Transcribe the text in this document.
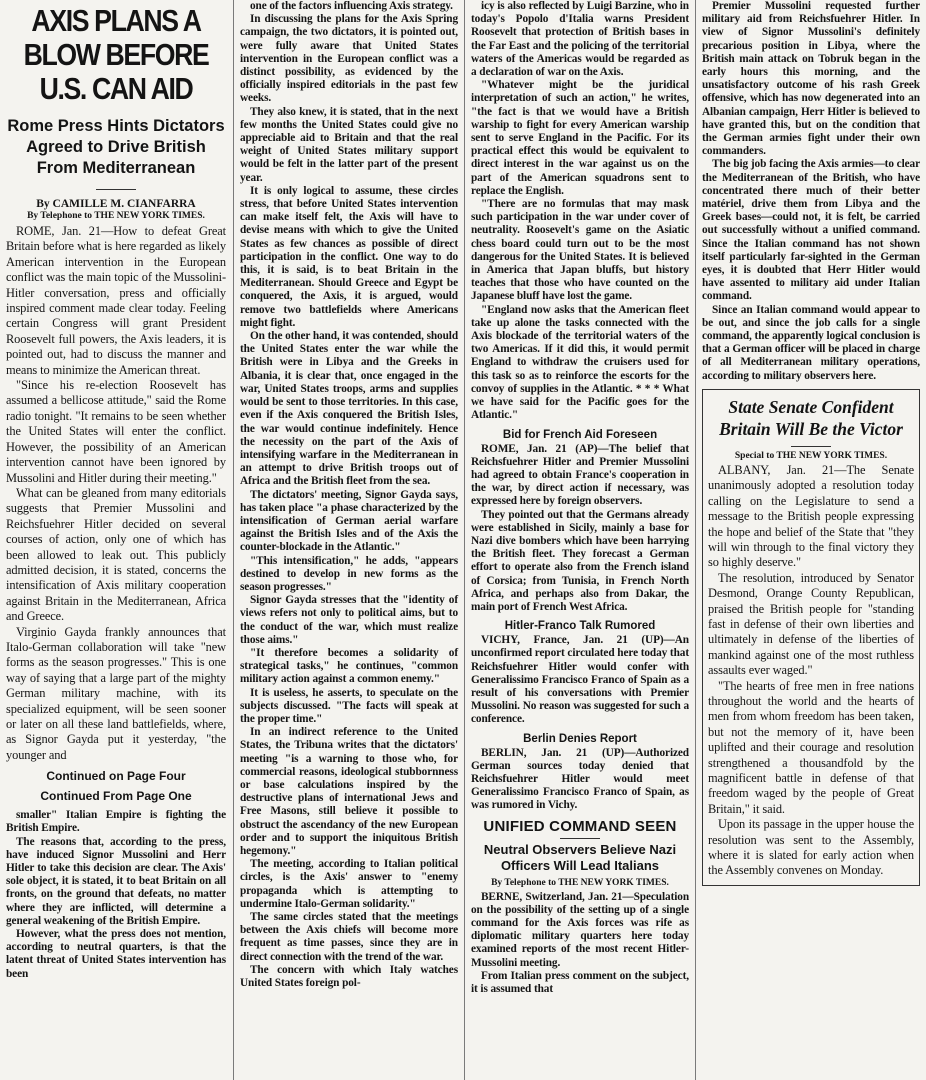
AXIS PLANS A BLOW BEFORE U.S. CAN AID
Rome Press Hints Dictators Agreed to Drive British From Mediterranean
By CAMILLE M. CIANFARRA
By Telephone to THE NEW YORK TIMES.

ROME, Jan. 21—How to defeat Great Britain before what is here regarded as likely American intervention in the European conflict was the main topic of the Mussolini-Hitler conversation, press and officially inspired comment made clear today. Feeling certain Congress will grant President Roosevelt full powers, the Axis leaders, it is pointed out, had to discuss the manner and means to minimize the American threat.

"Since his re-election Roosevelt has assumed a bellicose attitude," said the Rome radio tonight. "It remains to be seen whether the United States will enter the conflict. However, the possibility of an American intervention cannot have been ignored by Mussolini and Hitler during their meeting."

What can be gleaned from many editorials suggests that Premier Mussolini and Reichsfuehrer Hitler decided on several courses of action, only one of which has been allowed to leak out. This publicly admitted decision, it is stated, concerns the intensification of Axis military cooperation against Britain in the Mediterranean, Africa and Greece.

Virginio Gayda frankly announces that Italo-German collaboration will take "new forms as the season progresses." This is one way of saying that a large part of the mighty German military machine, with its specialized equipment, will be seen sooner or later on all these land battlefields, where, as Signor Gayda put it yesterday, "the younger and

Continued on Page Four
Continued From Page One

smaller" Italian Empire is fighting the British Empire.

The reasons that, according to the press, have induced Signor Mussolini and Herr Hitler to take this decision are clear. The Axis' sole object, it is stated, it to beat Britain on all fronts, on the ground that defeats, no matter where they are inflicted, will determine a general weakening of the British Empire.

However, what the press does not mention, according to neutral quarters, is that the latent threat of United States intervention has been

one of the factors influencing Axis strategy.

In discussing the plans for the Axis Spring campaign, the two dictators, it is pointed out, were fully aware that United States intervention in the European conflict was a distinct possibility, as evidenced by the officially inspired editorials in the past few weeks.

They also knew, it is stated, that in the next few months the United States could give no appreciable aid to Britain and that the real weight of United States military support would be felt in the latter part of the present year.

It is only logical to assume, these circles stress, that before United States intervention can make itself felt, the Axis will have to devise means with which to give the United States as few chances as possible of direct participation in the conflict. One way to do this, it is said, is to beat Britain in the Mediterranean. Should Greece and Egypt be conquered, the Axis, it is argued, would remove two battlefields where Americans might fight.

On the other hand, it was contended, should the United States enter the war while the British were in Libya and the Greeks in Albania, it is clear that, once engaged in the war, United States troops, arms and supplies would be sent to those territories. In this case, even if the Axis conquered the British Isles, the war would continue indefinitely. Hence the necessity on the part of the Axis of intensifying warfare in the Mediterranean in an attempt to drive British troops out of Africa and the British fleet from the sea.

The dictators' meeting, Signor Gayda says, has taken place "a phase characterized by the intensification of German aerial warfare against the British Isles and of the Axis the counter-blockade in the Atlantic."

"This intensification," he adds, "appears destined to develop in new forms as the season progresses."

Signor Gayda stresses that the "identity of views refers not only to political aims, but to the conduct of the war, which must realize those aims."

"It therefore becomes a solidarity of strategical tasks," he continues, "common military action against a common enemy."

It is useless, he asserts, to speculate on the subjects discussed. "The facts will speak at the proper time."

In an indirect reference to the United States, the Tribuna writes that the dictators' meeting "is a warning to those who, for commercial reasons, ideological stubbornness or base calculations inspired by the destructive plans of international Jews and Free Masons, still believe it possible to obstruct the ascendancy of the new European order and to support the iniquitous British hegemony."

The meeting, according to Italian political circles, is the Axis' answer to "enemy propaganda which is attempting to undermine Italo-German solidarity."

The same circles stated that the meetings between the Axis chiefs will become more frequent as time passes, since they are in direct connection with the trend of the war.

The concern with which Italy watches United States foreign pol-

icy is also reflected by Luigi Barzine, who in today's Popolo d'Italia warns President Roosevelt that protection of British bases in the Far East and the policing of the territorial waters of the Americas would be regarded as a declaration of war on the Axis.

"Whatever might be the juridical interpretation of such an action," he writes, "the fact is that we would have a British warship to fight for every American warship sent to serve England in the Pacific. For its practical effect this would be equivalent to direct interest in the war against us on the part of the American squadrons sent to replace the English.

"There are no formulas that may mask such participation in the war under cover of neutrality. Roosevelt's game on the Asiatic chess board could turn out to be the most dangerous for the United States. It is believed in America that Japan bluffs, but history teaches that those who have counted on the Japanese bluff have lost the game.

"England now asks that the American fleet take up alone the tasks connected with the Axis blockade of the territorial waters of the two Americas. If it did this, it would permit England to withdraw the cruisers used for this task so as to reinforce the escorts for the convoy of supplies in the Atlantic. * * * What we have said for the Pacific goes for the Atlantic."

Bid for French Aid Foreseen

ROME, Jan. 21 (AP)—The belief that Reichsfuehrer Hitler and Premier Mussolini had agreed to obtain France's cooperation in the war, by direct action if necessary, was expressed here by foreign observers.

They pointed out that the Germans already were established in Sicily, mainly a base for Nazi dive bombers which have been harrying the British fleet. They forecast a German effort to operate also from the French island of Corsica; from Tunisia, in French North Africa, and perhaps also from Dakar, the main port of French West Africa.

Hitler-Franco Talk Rumored

VICHY, France, Jan. 21 (UP)—An unconfirmed report circulated here today that Reichsfuehrer Hitler would confer with Generalissimo Francisco Franco of Spain as a result of his conversations with Premier Mussolini. No reason was suggested for such a conference.

Berlin Denies Report

BERLIN, Jan. 21 (UP)—Authorized German sources today denied that Reichsfuehrer Hitler would meet Generalissimo Francisco Franco of Spain, as was rumored in Vichy.

UNIFIED COMMAND SEEN
Neutral Observers Believe Nazi Officers Will Lead Italians
By Telephone to THE NEW YORK TIMES.

BERNE, Switzerland, Jan. 21—Speculation on the possibility of the setting up of a single command for the Axis forces was rife as diplomatic military quarters here today examined reports of the most recent Hitler-Mussolini meeting.

From Italian press comment on the subject, it is assumed that

Premier Mussolini requested further military aid from Reichsfuehrer Hitler. In view of Signor Mussolini's definitely precarious position in Libya, where the British main attack on Tobruk began in the early hours this morning, and the unsatisfactory outcome of his rash Greek offensive, which has now degenerated into an Albanian campaign, Herr Hitler is believed to have granted this, but on the condition that the German armies fight under their own commanders.

The big job facing the Axis armies—to clear the Mediterranean of the British, who have concentrated there much of their better matériel, drive them from Libya and the Greek bases—could not, it is felt, be carried out successfully without a unified command. Since the Italian command has not shown itself particularly far-sighted in the German eyes, it is doubted that Herr Hitler would have assented to military aid under Italian command.

Since an Italian command would appear to be out, and since the job calls for a single command, the apparently logical conclusion is that a German officer will be placed in charge of all Mediterranean military operations, according to military observers here.

State Senate Confident Britain Will Be the Victor
Special to THE NEW YORK TIMES.

ALBANY, Jan. 21—The Senate unanimously adopted a resolution today calling on the Legislature to send a message to the British people expressing the hope and belief of the State that "they will win through to the final victory they so highly deserve."

The resolution, introduced by Senator Desmond, Orange County Republican, praised the British people for "standing fast in defense of their own liberties and ultimately in defense of the liberties of mankind against one of the most ruthless assaults ever waged."

"The hearts of free men in free nations throughout the world and the hearts of men from whom freedom has been taken, but not the memory of it, have been uplifted and their courage and resolution strengthened a thousandfold by the magnificent battle in defense of that freedom waged by the people of Great Britain," it said.

Upon its passage in the upper house the resolution was sent to the Assembly, where it is slated for early action when the Assembly convenes on Monday.
